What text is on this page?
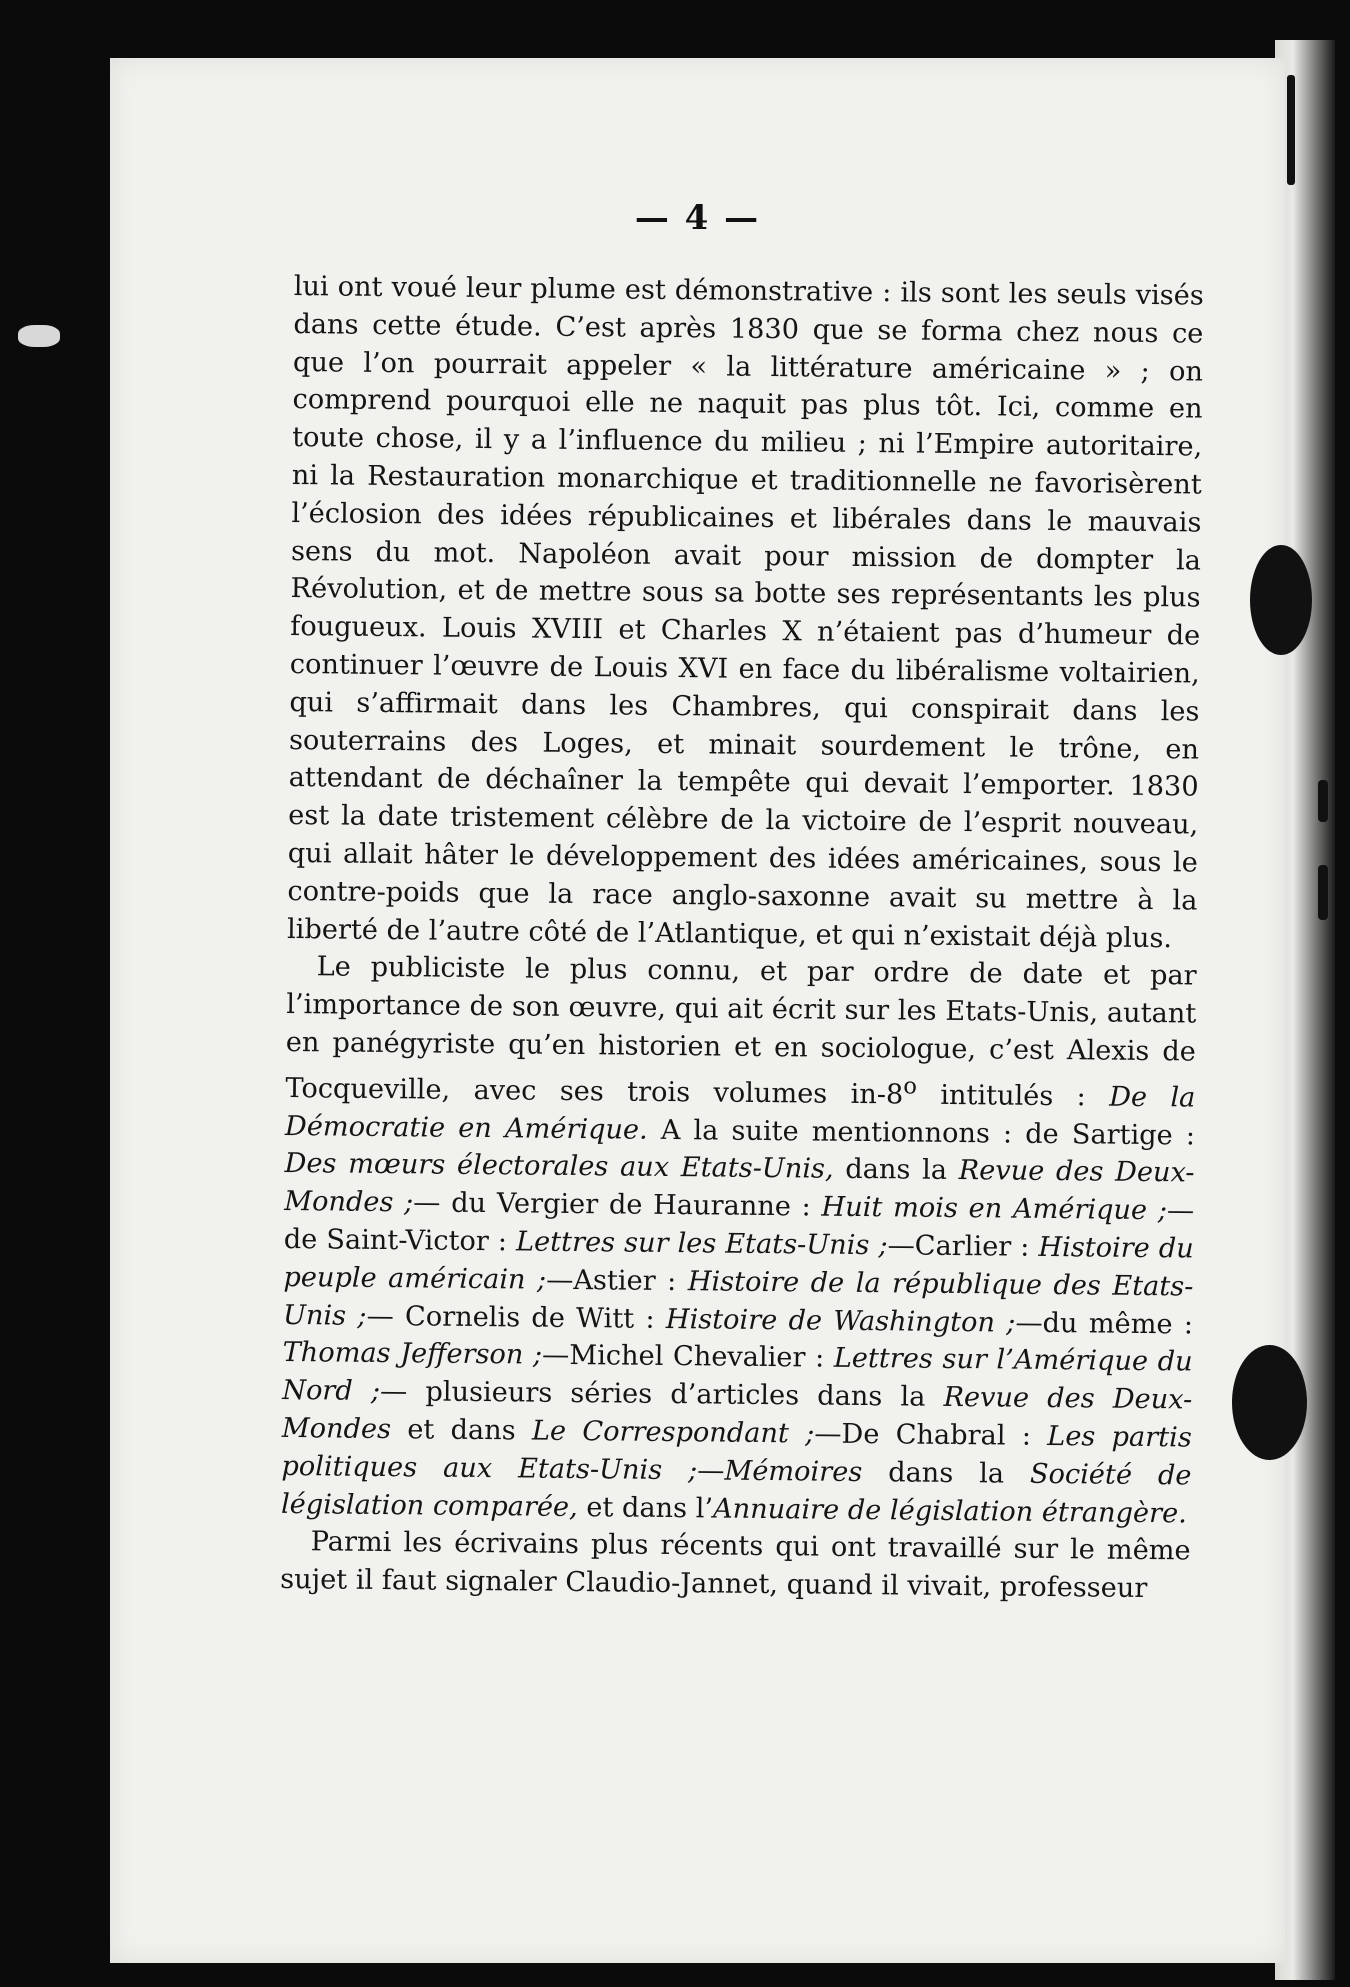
— 4 —

lui ont voué leur plume est démonstrative : ils sont les seuls visés dans cette étude. C’est après 1830 que se forma chez nous ce que l’on pourrait appeler « la littérature américaine » ; on comprend pourquoi elle ne naquit pas plus tôt. Ici, comme en toute chose, il y a l’influence du milieu ; ni l’Empire autoritaire, ni la Restauration monarchique et traditionnelle ne favorisèrent l’éclosion des idées républicaines et libérales dans le mauvais sens du mot. Napoléon avait pour mission de dompter la Révolution, et de mettre sous sa botte ses représentants les plus fougueux. Louis XVIII et Charles X n’étaient pas d’humeur de continuer l’œuvre de Louis XVI en face du libéralisme voltairien, qui s’affirmait dans les Chambres, qui conspirait dans les souterrains des Loges, et minait sourdement le trône, en attendant de déchaîner la tempête qui devait l’emporter. 1830 est la date tristement célèbre de la victoire de l’esprit nouveau, qui allait hâter le développement des idées américaines, sous le contre-poids que la race anglo-saxonne avait su mettre à la liberté de l’autre côté de l’Atlantique, et qui n’existait déjà plus.

Le publiciste le plus connu, et par ordre de date et par l’importance de son œuvre, qui ait écrit sur les Etats-Unis, autant en panégyriste qu’en historien et en sociologue, c’est Alexis de Tocqueville, avec ses trois volumes in-8$^o$ intitulés : De la Démocratie en Amérique. A la suite mentionnons : de Sartige : Des mœurs électorales aux Etats-Unis, dans la Revue des Deux-Mondes ;— du Vergier de Hauranne : Huit mois en Amérique ;—de Saint-Victor : Lettres sur les Etats-Unis ;—Carlier : Histoire du peuple américain ;—Astier : Histoire de la république des Etats-Unis ;— Cornelis de Witt : Histoire de Washington ;—du même : Thomas Jefferson ;—Michel Chevalier : Lettres sur l’Amérique du Nord ;— plusieurs séries d’articles dans la Revue des Deux-Mondes et dans Le Correspondant ;—De Chabral : Les partis politiques aux Etats-Unis ;—Mémoires dans la Société de législation comparée, et dans l’Annuaire de législation étrangère.

Parmi les écrivains plus récents qui ont travaillé sur le même sujet il faut signaler Claudio-Jannet, quand il vivait, professeur
